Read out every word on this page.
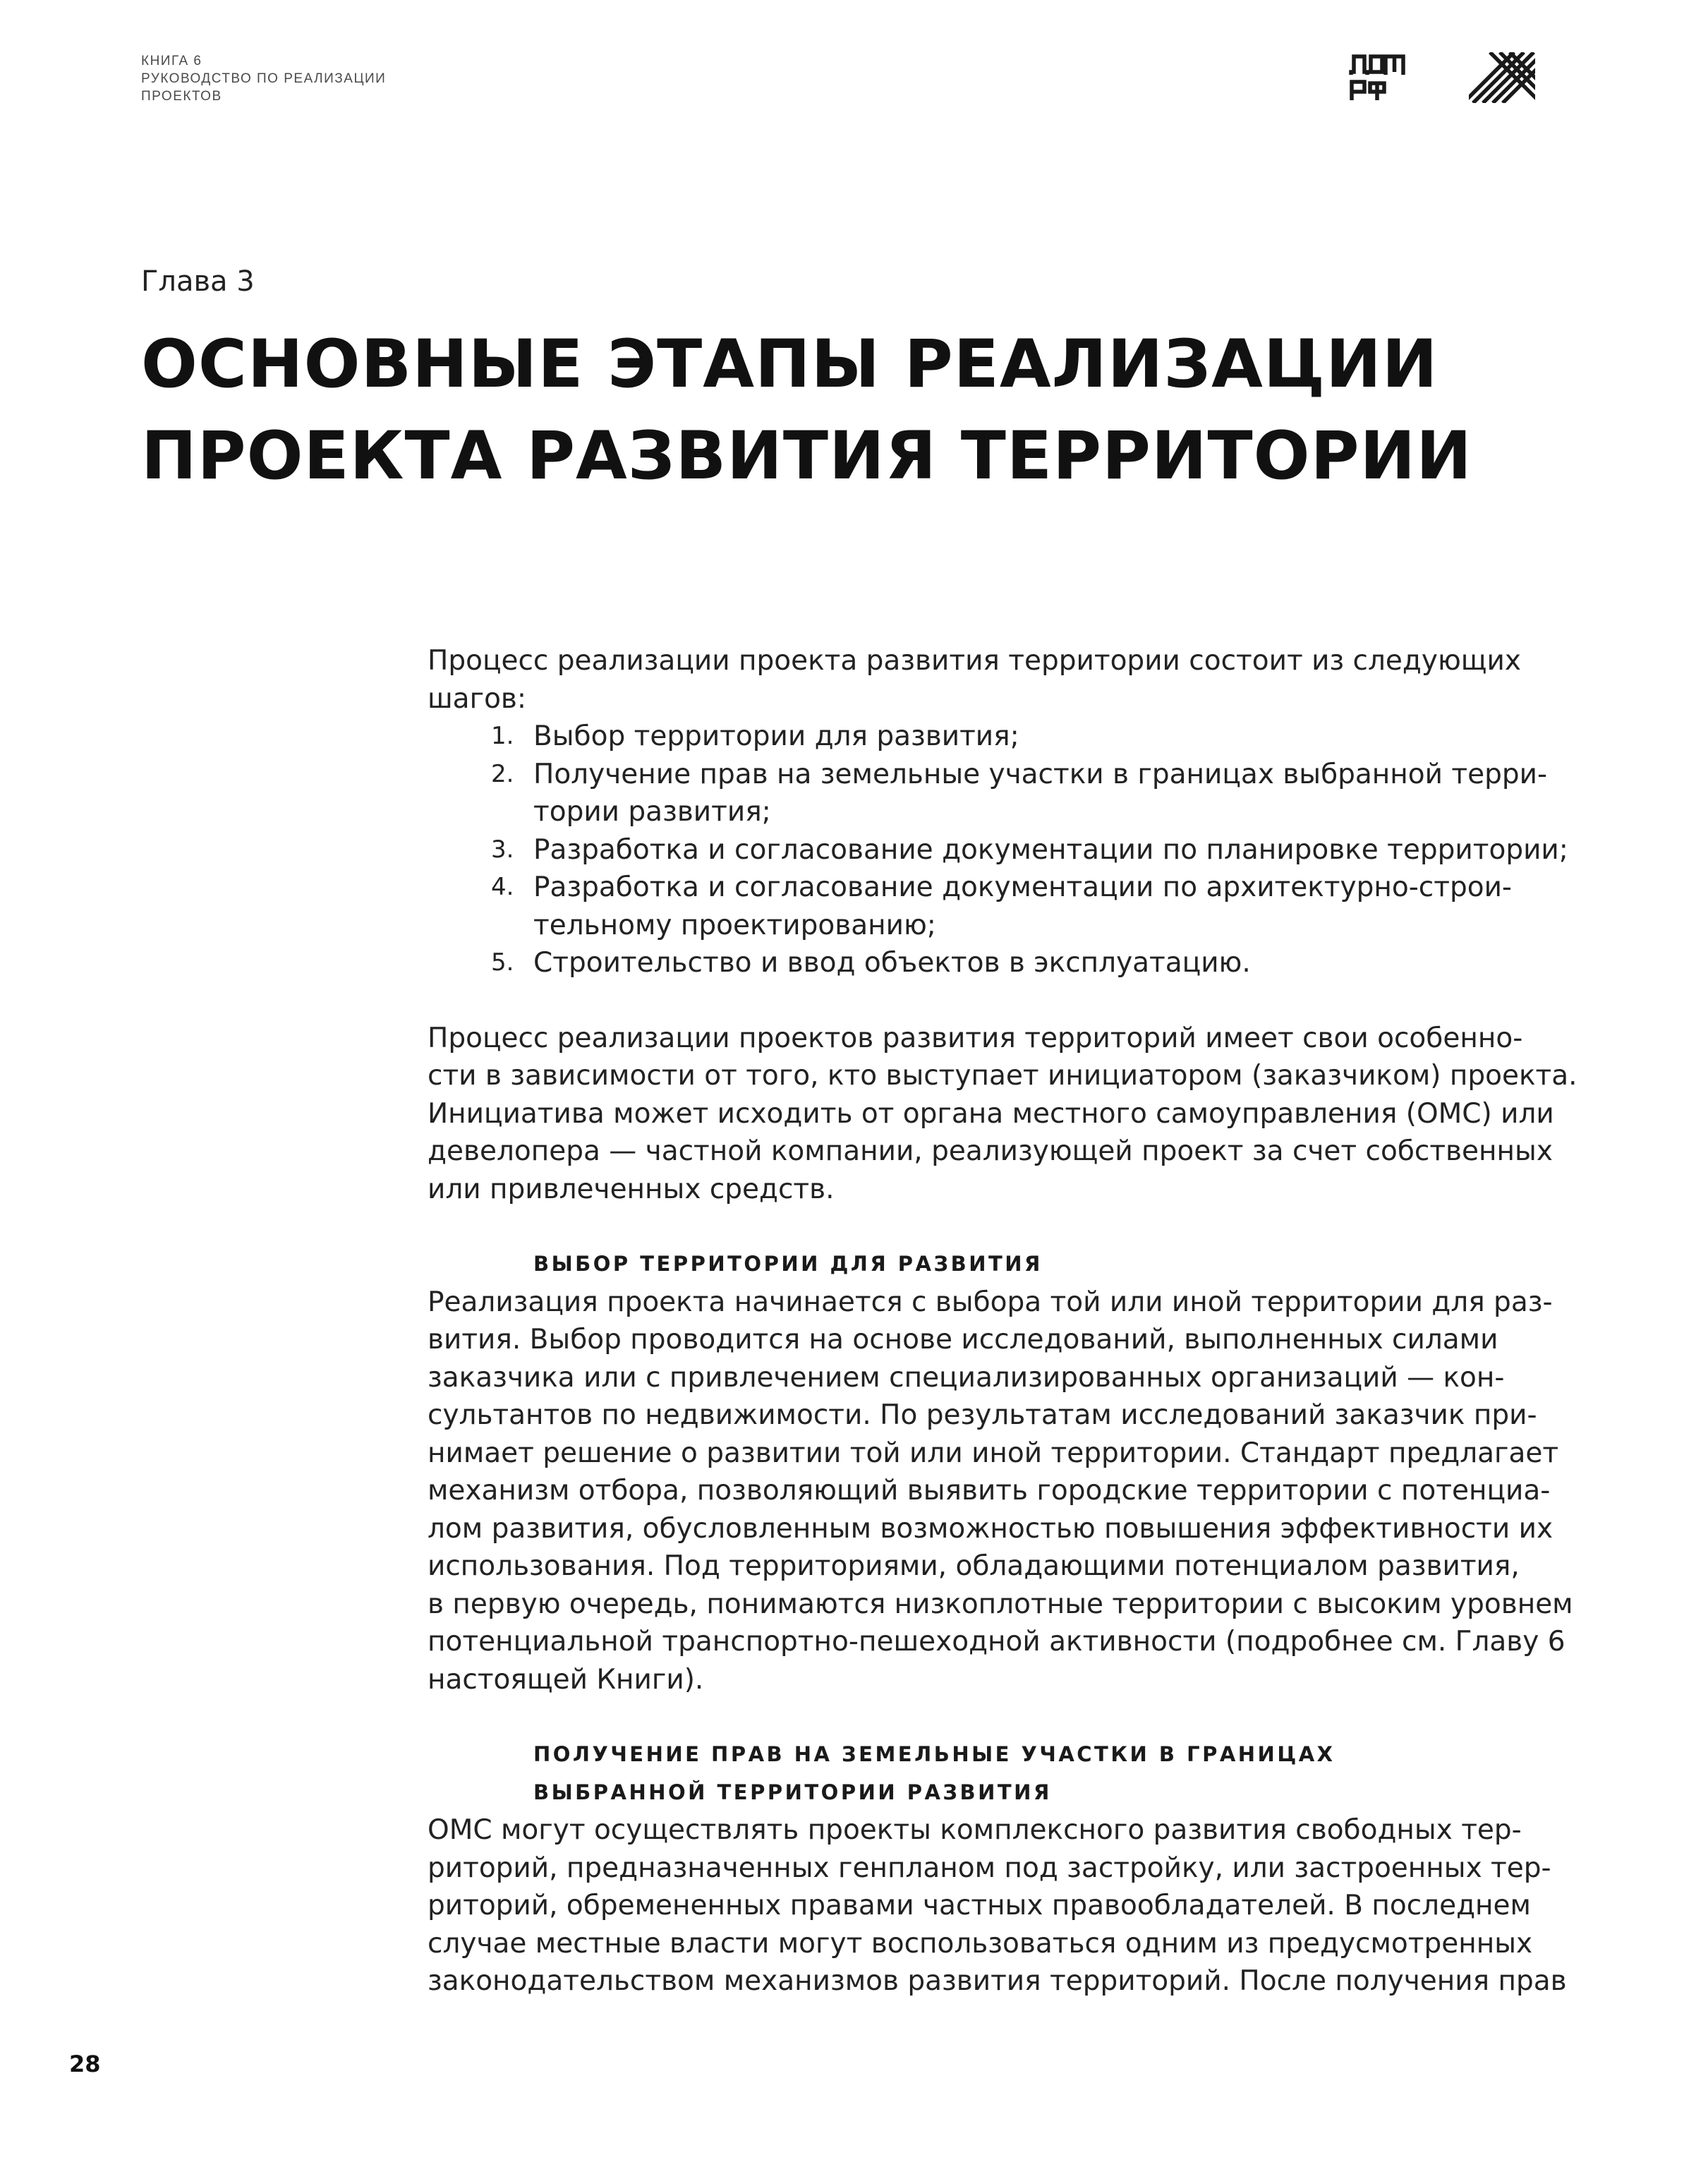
КНИГА 6
РУКОВОДСТВО ПО РЕАЛИЗАЦИИ
ПРОЕКТОВ
Глава 3
ОСНОВНЫЕ ЭТАПЫ РЕАЛИЗАЦИИ
ПРОЕКТА РАЗВИТИЯ ТЕРРИТОРИИ
Процесс реализации проекта развития территории состоит из следующих
шагов:
1. Выбор территории для развития;
2. Получение прав на земельные участки в границах выбранной терри-
тории развития;
3. Разработка и согласование документации по планировке территории;
4. Разработка и согласование документации по архитектурно-строи-
тельному проектированию;
5. Строительство и ввод объектов в эксплуатацию.
Процесс реализации проектов развития территорий имеет свои особенно-
сти в зависимости от того, кто выступает инициатором (заказчиком) проекта.
Инициатива может исходить от органа местного самоуправления (ОМС) или
девелопера — частной компании, реализующей проект за счет собственных
или привлеченных средств.
ВЫБОР ТЕРРИТОРИИ ДЛЯ РАЗВИТИЯ
Реализация проекта начинается с выбора той или иной территории для раз-
вития. Выбор проводится на основе исследований, выполненных силами
заказчика или с привлечением специализированных организаций — кон-
сультантов по недвижимости. По результатам исследований заказчик при-
нимает решение о развитии той или иной территории. Стандарт предлагает
механизм отбора, позволяющий выявить городские территории с потенциа-
лом развития, обусловленным возможностью повышения эффективности их
использования. Под территориями, обладающими потенциалом развития,
в первую очередь, понимаются низкоплотные территории с высоким уровнем
потенциальной транспортно-пешеходной активности (подробнее см. Главу 6
настоящей Книги).
ПОЛУЧЕНИЕ ПРАВ НА ЗЕМЕЛЬНЫЕ УЧАСТКИ В ГРАНИЦАХ
ВЫБРАННОЙ ТЕРРИТОРИИ РАЗВИТИЯ
ОМС могут осуществлять проекты комплексного развития свободных тер-
риторий, предназначенных генпланом под застройку, или застроенных тер-
риторий, обремененных правами частных правообладателей. В последнем
случае местные власти могут воспользоваться одним из предусмотренных
законодательством механизмов развития территорий. После получения прав
28
